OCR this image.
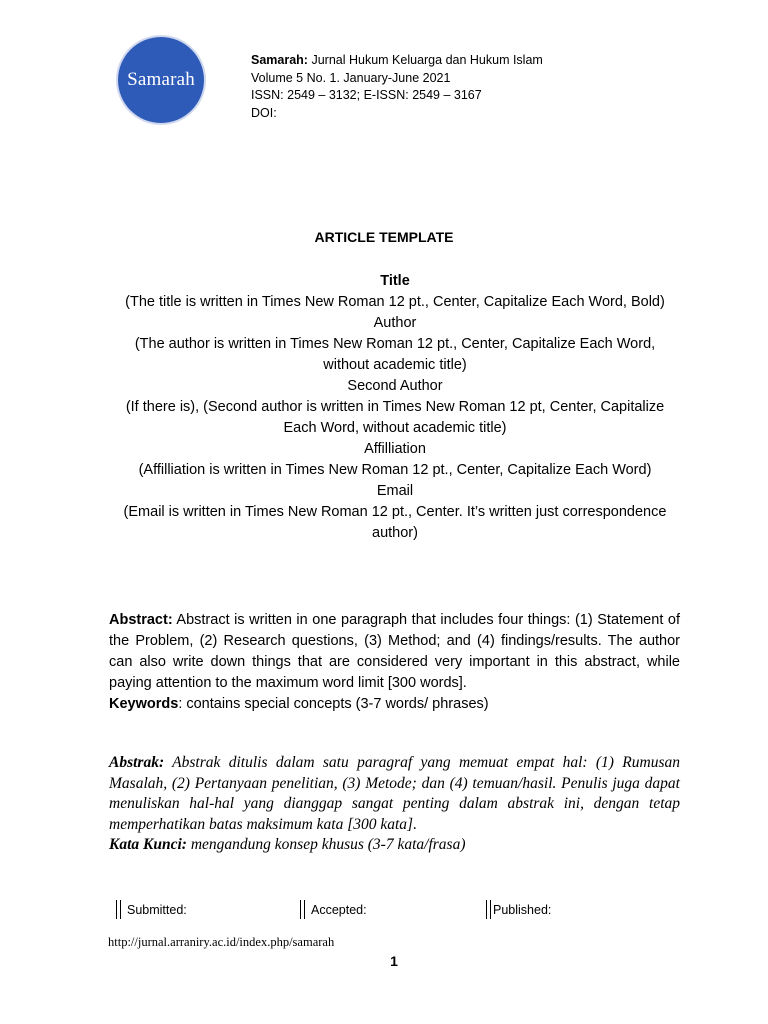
Samarah
Samarah: Jurnal Hukum Keluarga dan Hukum Islam
Volume 5 No. 1. January-June 2021
ISSN: 2549 – 3132; E-ISSN: 2549 – 3167
DOI:
ARTICLE TEMPLATE
Title
(The title is written in Times New Roman 12 pt., Center, Capitalize Each Word, Bold)
Author
(The author is written in Times New Roman 12 pt., Center, Capitalize Each Word, without academic title)
Second Author
(If there is), (Second author is written in Times New Roman 12 pt, Center, Capitalize Each Word, without academic title)
Affilliation
(Affilliation is written in Times New Roman 12 pt., Center, Capitalize Each Word)
Email
(Email is written in Times New Roman 12 pt., Center. It’s written just correspondence author)
Abstract: Abstract is written in one paragraph that includes four things: (1) Statement of the Problem, (2) Research questions, (3) Method; and (4) findings/results. The author can also write down things that are considered very important in this abstract, while paying attention to the maximum word limit [300 words].
Keywords: contains special concepts (3-7 words/ phrases)
Abstrak: Abstrak ditulis dalam satu paragraf yang memuat empat hal: (1) Rumusan Masalah, (2) Pertanyaan penelitian, (3) Metode; dan (4) temuan/hasil. Penulis juga dapat menuliskan hal-hal yang dianggap sangat penting dalam abstrak ini, dengan tetap memperhatikan batas maksimum kata [300 kata].
Kata Kunci: mengandung konsep khusus (3-7 kata/frasa)
Submitted:	Accepted:	Published:
http://jurnal.arraniry.ac.id/index.php/samarah
1
